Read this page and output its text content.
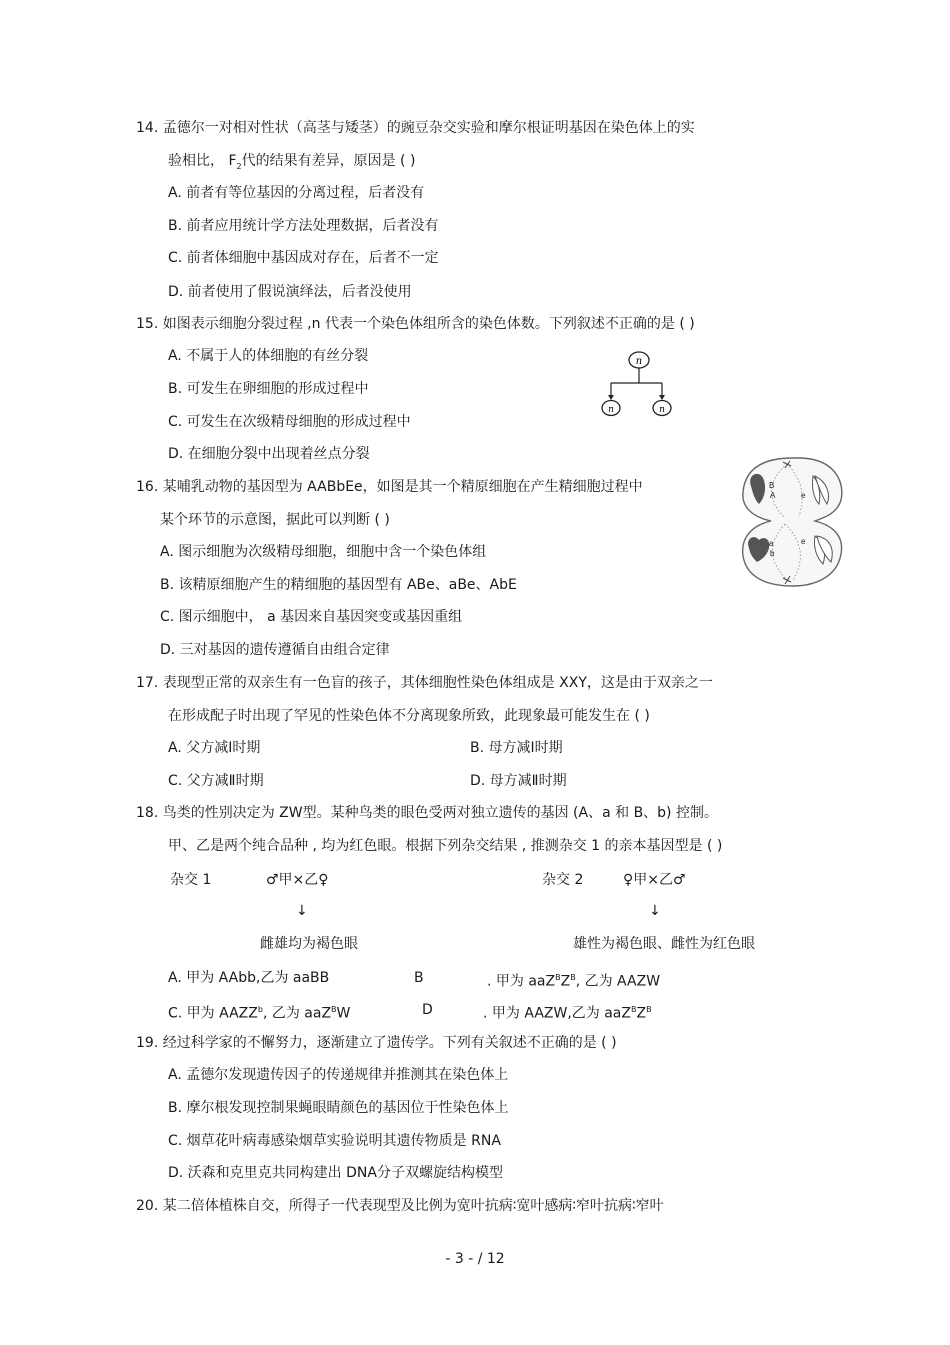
14. 孟德尔一对相对性状（高茎与矮茎）的豌豆杂交实验和摩尔根证明基因在染色体上的实
验相比， $F_2$代的结果有差异，原因是 ( )
A. 前者有等位基因的分离过程，后者没有
B. 前者应用统计学方法处理数据，后者没有
C. 前者体细胞中基因成对存在，后者不一定
D. 前者使用了假说演绎法，后者没使用
15. 如图表示细胞分裂过程 ,n 代表一个染色体组所含的染色体数。下列叙述不正确的是 ( )
A. 不属于人的体细胞的有丝分裂
B. 可发生在卵细胞的形成过程中
C. 可发生在次级精母细胞的形成过程中
D. 在细胞分裂中出现着丝点分裂
n
n	n
16. 某哺乳动物的基因型为 AABbEe，如图是其一个精原细胞在产生精细胞过程中
某个环节的示意图，据此可以判断 ( )
A. 图示细胞为次级精母细胞，细胞中含一个染色体组
B. 该精原细胞产生的精细胞的基因型有 ABe、aBe、AbE
C. 图示细胞中， a 基因来自基因突变或基因重组
D. 三对基因的遗传遵循自由组合定律
B
A	e
a
b
e
17. 表现型正常的双亲生有一色盲的孩子，其体细胞性染色体组成是 XXY，这是由于双亲之一
在形成配子时出现了罕见的性染色体不分离现象所致，此现象最可能发生在 ( )
A. 父方减Ⅰ时期	B. 母方减Ⅰ时期
C. 父方减Ⅱ时期	D. 母方减Ⅱ时期
18. 鸟类的性别决定为 ZW型。某种鸟类的眼色受两对独立遗传的基因 (A、a 和 B、b) 控制。
甲、乙是两个纯合品种 , 均为红色眼。根据下列杂交结果 , 推测杂交 1 的亲本基因型是 ( )
杂交 1	♂甲×乙♀	杂交 2	♀甲×乙♂
↓	↓
雌雄均为褐色眼	雄性为褐色眼、雌性为红色眼
A. 甲为 AAbb,乙为 aaBB	B	. 甲为 $aaZ^BZ^B$, 乙为 AAZW
C. 甲为 AAZZ$^b$, 乙为 aaZ$^B$W	D	. 甲为 AAZW,乙为 $aaZ^BZ^B$
19. 经过科学家的不懈努力，逐渐建立了遗传学。下列有关叙述不正确的是 ( )
A. 孟德尔发现遗传因子的传递规律并推测其在染色体上
B. 摩尔根发现控制果蝇眼睛颜色的基因位于性染色体上
C. 烟草花叶病毒感染烟草实验说明其遗传物质是 RNA
D. 沃森和克里克共同构建出 DNA分子双螺旋结构模型
20. 某二倍体植株自交，所得子一代表现型及比例为宽叶抗病∶宽叶感病∶窄叶抗病∶窄叶
- 3 - / 12
